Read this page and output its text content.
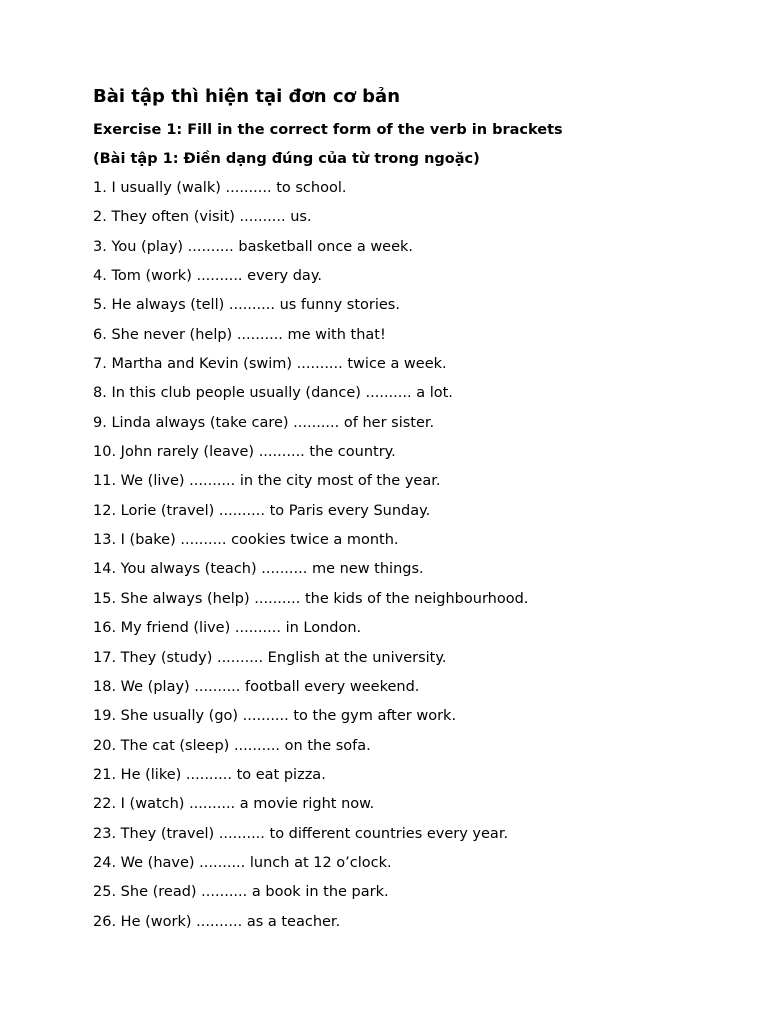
Bài tập thì hiện tại đơn cơ bản

Exercise 1: Fill in the correct form of the verb in brackets

(Bài tập 1: Điền dạng đúng của từ trong ngoặc)

1. I usually (walk) .......... to school.
2. They often (visit) .......... us.
3. You (play) .......... basketball once a week.
4. Tom (work) .......... every day.
5. He always (tell) .......... us funny stories.
6. She never (help) .......... me with that!
7. Martha and Kevin (swim) .......... twice a week.
8. In this club people usually (dance) .......... a lot.
9. Linda always (take care) .......... of her sister.
10. John rarely (leave) .......... the country.
11. We (live) .......... in the city most of the year.
12. Lorie (travel) .......... to Paris every Sunday.
13. I (bake) .......... cookies twice a month.
14. You always (teach) .......... me new things.
15. She always (help) .......... the kids of the neighbourhood.
16. My friend (live) .......... in London.
17. They (study) .......... English at the university.
18. We (play) .......... football every weekend.
19. She usually (go) .......... to the gym after work.
20. The cat (sleep) .......... on the sofa.
21. He (like) .......... to eat pizza.
22. I (watch) .......... a movie right now.
23. They (travel) .......... to different countries every year.
24. We (have) .......... lunch at 12 o’clock.
25. She (read) .......... a book in the park.
26. He (work) .......... as a teacher.
